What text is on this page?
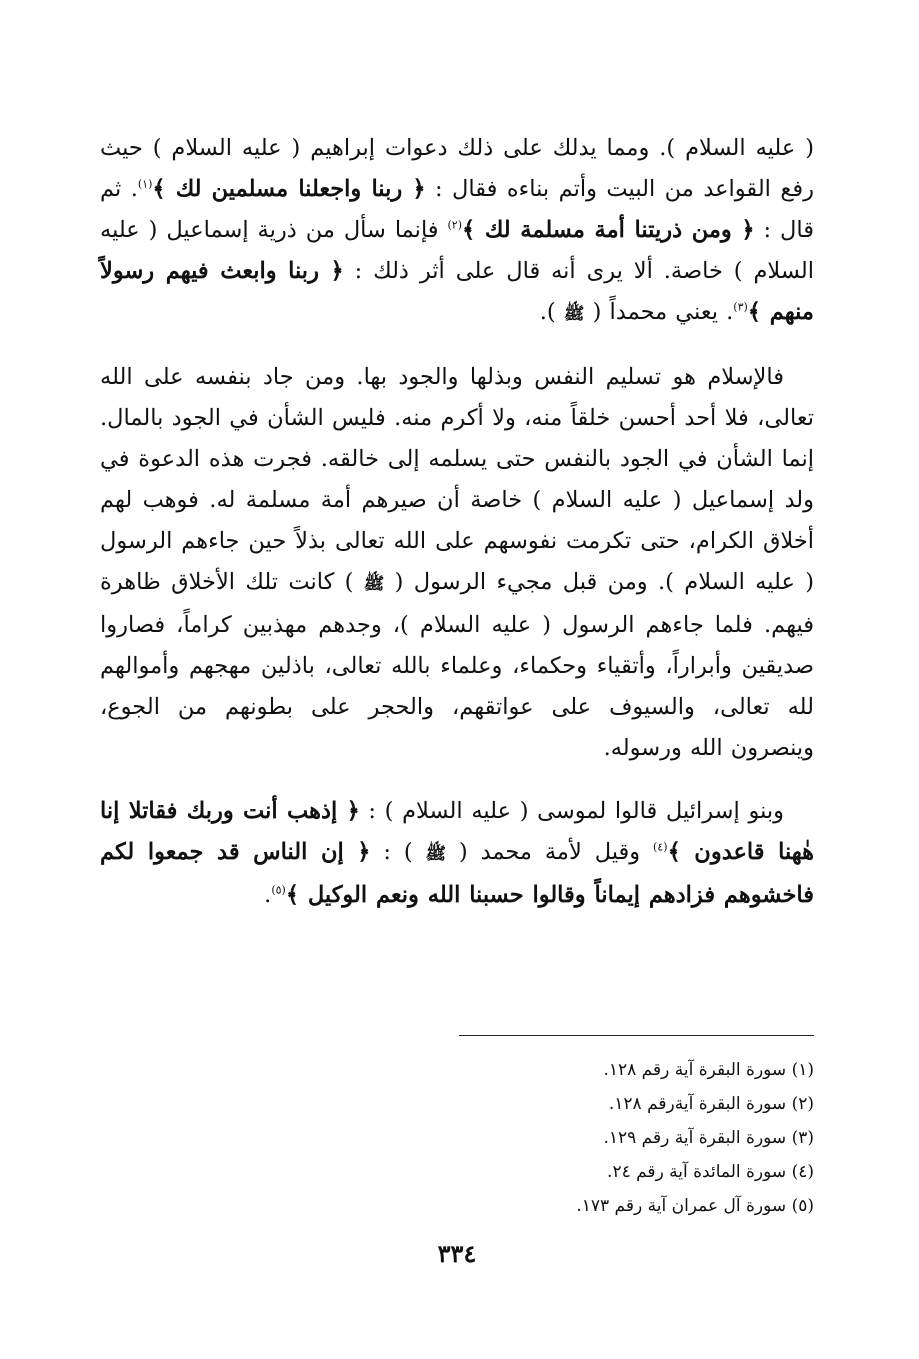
( عليه السلام ). ومما يدلك على ذلك دعوات إبراهيم ( عليه السلام ) حيث رفع القواعد من البيت وأتم بناءه فقال : ﴿ ربنا واجعلنا مسلمين لك ﴾$^{(١)}$. ثم قال : ﴿ ومن ذريتنا أمة مسلمة لك ﴾$^{(٢)}$ فإنما سأل من ذرية إسماعيل ( عليه السلام ) خاصة. ألا يرى أنه قال على أثر ذلك : ﴿ ربنا وابعث فيهم رسولاً منهم ﴾$^{(٣)}$. يعني محمداً ( ﷺ ).

فالإسلام هو تسليم النفس وبذلها والجود بها. ومن جاد بنفسه على الله تعالى، فلا أحد أحسن خلقاً منه، ولا أكرم منه. فليس الشأن في الجود بالمال. إنما الشأن في الجود بالنفس حتى يسلمه إلى خالقه. فجرت هذه الدعوة في ولد إسماعيل ( عليه السلام ) خاصة أن صيرهم أمة مسلمة له. فوهب لهم أخلاق الكرام، حتى تكرمت نفوسهم على الله تعالى بذلاً حين جاءهم الرسول ( عليه السلام ). ومن قبل مجيء الرسول ( ﷺ ) كانت تلك الأخلاق ظاهرة فيهم. فلما جاءهم الرسول ( عليه السلام )، وجدهم مهذبين كراماً، فصاروا صديقين وأبراراً، وأتقياء وحكماء، وعلماء بالله تعالى، باذلين مهجهم وأموالهم لله تعالى، والسيوف على عواتقهم، والحجر على بطونهم من الجوع، وينصرون الله ورسوله.

وبنو إسرائيل قالوا لموسى ( عليه السلام ) : ﴿ إذهب أنت وربك فقاتلا إنا هٰهنا قاعدون ﴾$^{(٤)}$ وقيل لأمة محمد ( ﷺ ) : ﴿ إن الناس قد جمعوا لكم فاخشوهم فزادهم إيماناً وقالوا حسبنا الله ونعم الوكيل ﴾$^{(٥)}$.

(١) سورة البقرة آية رقم ١٢٨.
(٢) سورة البقرة آيةرقم ١٢٨.
(٣) سورة البقرة آية رقم ١٢٩.
(٤) سورة المائدة آية رقم ٢٤.
(٥) سورة آل عمران آية رقم ١٧٣.
٣٣٤
